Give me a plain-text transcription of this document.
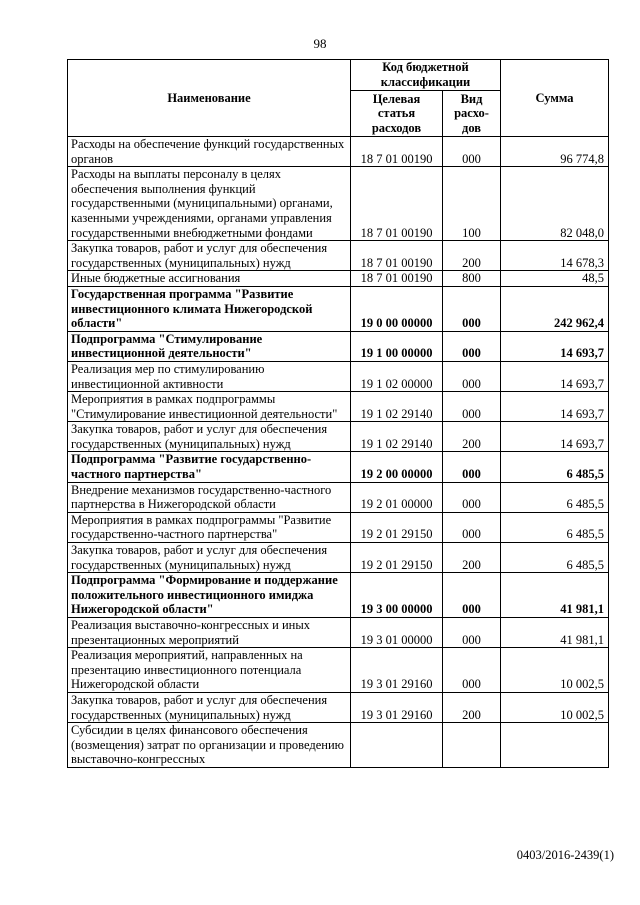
98
Наименование	Код бюджетной классификации		Сумма
	Целевая статья расходов	Вид расхо-дов	
Расходы на обеспечение функций государственных органов	18 7 01 00190	000	96 774,8
Расходы на выплаты персоналу в целях обеспечения выполнения функций государственными (муниципальными) органами, казенными учреждениями, органами управления государственными внебюджетными фондами	18 7 01 00190	100	82 048,0
Закупка товаров, работ и услуг для обеспечения государственных (муниципальных) нужд	18 7 01 00190	200	14 678,3
Иные бюджетные ассигнования	18 7 01 00190	800	48,5
Государственная программа "Развитие инвестиционного климата Нижегородской области"	19 0 00 00000	000	242 962,4
Подпрограмма "Стимулирование инвестиционной деятельности"	19 1 00 00000	000	14 693,7
Реализация мер по стимулированию инвестиционной активности	19 1 02 00000	000	14 693,7
Мероприятия в рамках подпрограммы "Стимулирование инвестиционной деятельности"	19 1 02 29140	000	14 693,7
Закупка товаров, работ и услуг для обеспечения государственных (муниципальных) нужд	19 1 02 29140	200	14 693,7
Подпрограмма "Развитие государственно-частного партнерства"	19 2 00 00000	000	6 485,5
Внедрение механизмов государственно-частного партнерства в Нижегородской области	19 2 01 00000	000	6 485,5
Мероприятия в рамках подпрограммы "Развитие государственно-частного партнерства"	19 2 01 29150	000	6 485,5
Закупка товаров, работ и услуг для обеспечения государственных (муниципальных) нужд	19 2 01 29150	200	6 485,5
Подпрограмма "Формирование и поддержание положительного инвестиционного имиджа Нижегородской области"	19 3 00 00000	000	41 981,1
Реализация выставочно-конгрессных и иных презентационных мероприятий	19 3 01 00000	000	41 981,1
Реализация мероприятий, направленных на презентацию инвестиционного потенциала Нижегородской области	19 3 01 29160	000	10 002,5
Закупка товаров, работ и услуг для обеспечения государственных (муниципальных) нужд	19 3 01 29160	200	10 002,5
Субсидии в целях финансового обеспечения (возмещения) затрат по организации и проведению выставочно-конгрессных			
0403/2016-2439(1)
